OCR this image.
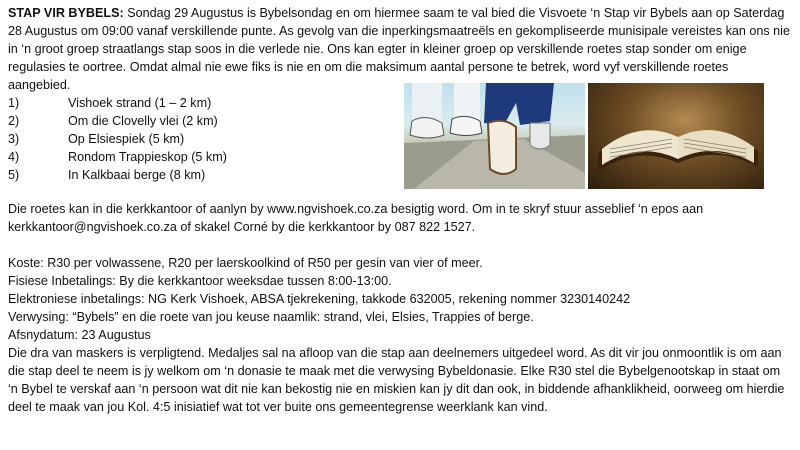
STAP VIR BYBELS: Sondag 29 Augustus is Bybelsondag en om hiermee saam te val bied die Visvoete ‘n Stap vir Bybels aan op Saterdag 28 Augustus om 09:00 vanaf verskillende punte. As gevolg van die inperkingsmaatreëls en gekompliseerde munisipale vereistes kan ons nie in ‘n groot groep straatlangs stap soos in die verlede nie. Ons kan egter in kleiner groep op verskillende roetes stap sonder om enige regulasies te oortree. Omdat almal nie ewe fiks is nie en om die maksimum aantal persone te betrek, word vyf verskillende roetes aangebied.

1)	Vishoek strand (1 – 2 km)
2)	Om die Clovelly vlei (2 km)
3)	Op Elsiespiek (5 km)
4)	Rondom Trappieskop (5 km)
5)	In Kalkbaai berge (8 km)

Die roetes kan in die kerkkantoor of aanlyn by www.ngvishoek.co.za besigtig word. Om in te skryf stuur asseblief ‘n epos aan kerkkantoor@ngvishoek.co.za of skakel Corné by die kerkkantoor by 087 822 1527.

Koste: R30 per volwassene, R20 per laerskoolkind of R50 per gesin van vier of meer.
Fisiese Inbetalings: By die kerkkantoor weeksdae tussen 8:00-13:00.
Elektroniese inbetalings: NG Kerk Vishoek, ABSA tjekrekening, takkode 632005, rekening nommer 3230140242
Verwysing: “Bybels” en die roete van jou keuse naamlik: strand, vlei, Elsies, Trappies of berge.
Afsnydatum: 23 Augustus

Die dra van maskers is verpligtend. Medaljes sal na afloop van die stap aan deelnemers uitgedeel word. As dit vir jou onmoontlik is om aan die stap deel te neem is jy welkom om ‘n donasie te maak met die verwysing Bybeldonasie. Elke R30 stel die Bybelgenootskap in staat om ‘n Bybel te verskaf aan ‘n persoon wat dit nie kan bekostig nie en miskien kan jy dit dan ook, in biddende afhanklikheid, oorweeg om hierdie deel te maak van jou Kol. 4:5 inisiatief wat tot ver buite ons gemeentegrense weerklank kan vind.
